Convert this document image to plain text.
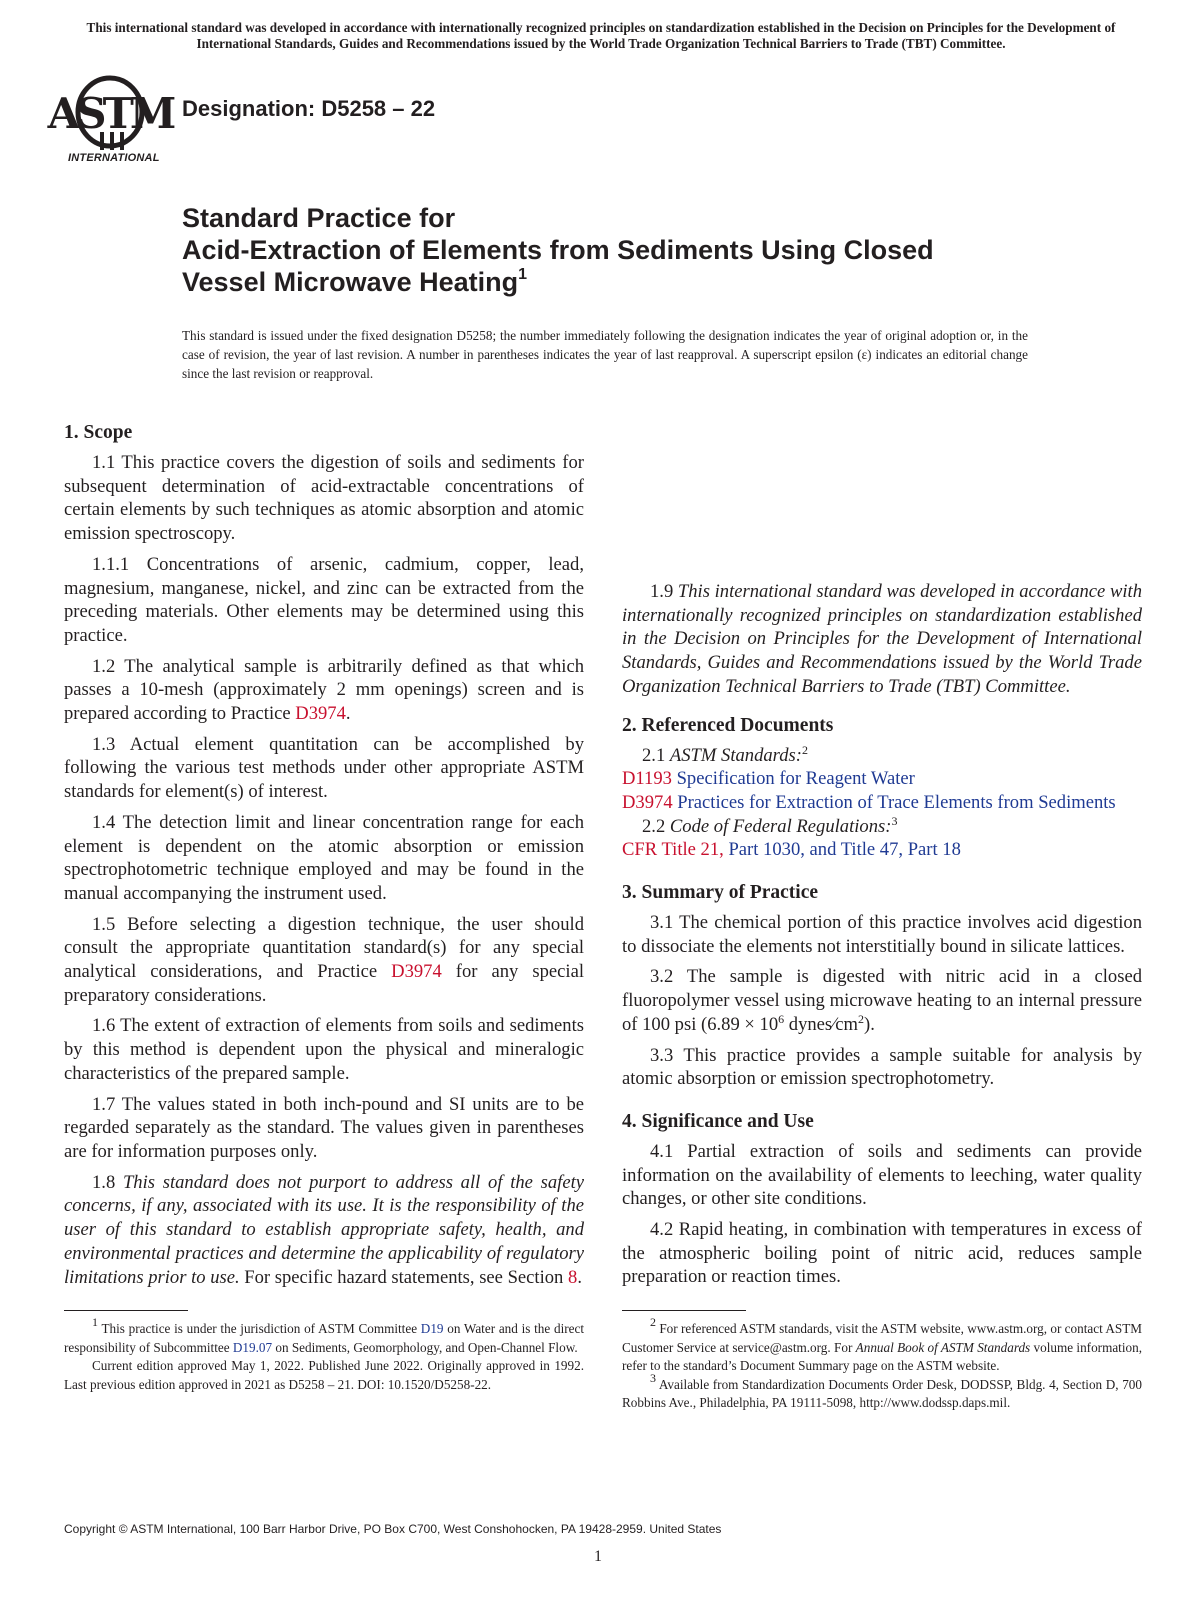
This international standard was developed in accordance with internationally recognized principles on standardization established in the Decision on Principles for the Development of International Standards, Guides and Recommendations issued by the World Trade Organization Technical Barriers to Trade (TBT) Committee.
ASTM
INTERNATIONAL
Designation: D5258 – 22
Standard Practice for
Acid-Extraction of Elements from Sediments Using Closed
Vessel Microwave Heating$^1$
This standard is issued under the fixed designation D5258; the number immediately following the designation indicates the year of original adoption or, in the case of revision, the year of last revision. A number in parentheses indicates the year of last reapproval. A superscript epsilon (ε) indicates an editorial change since the last revision or reapproval.
1. Scope

1.1 This practice covers the digestion of soils and sediments for subsequent determination of acid-extractable concentrations of certain elements by such techniques as atomic absorption and atomic emission spectroscopy.

1.1.1 Concentrations of arsenic, cadmium, copper, lead, magnesium, manganese, nickel, and zinc can be extracted from the preceding materials. Other elements may be determined using this practice.

1.2 The analytical sample is arbitrarily defined as that which passes a 10-mesh (approximately 2 mm openings) screen and is prepared according to Practice D3974.

1.3 Actual element quantitation can be accomplished by following the various test methods under other appropriate ASTM standards for element(s) of interest.

1.4 The detection limit and linear concentration range for each element is dependent on the atomic absorption or emission spectrophotometric technique employed and may be found in the manual accompanying the instrument used.

1.5 Before selecting a digestion technique, the user should consult the appropriate quantitation standard(s) for any special analytical considerations, and Practice D3974 for any special preparatory considerations.

1.6 The extent of extraction of elements from soils and sediments by this method is dependent upon the physical and mineralogic characteristics of the prepared sample.

1.7 The values stated in both inch-pound and SI units are to be regarded separately as the standard. The values given in parentheses are for information purposes only.

1.8 This standard does not purport to address all of the safety concerns, if any, associated with its use. It is the responsibility of the user of this standard to establish appropriate safety, health, and environmental practices and determine the applicability of regulatory limitations prior to use. For specific hazard statements, see Section 8.

1.9 This international standard was developed in accordance with internationally recognized principles on standardization established in the Decision on Principles for the Development of International Standards, Guides and Recommendations issued by the World Trade Organization Technical Barriers to Trade (TBT) Committee.

2. Referenced Documents
2.1 ASTM Standards:$^2$
D1193 Specification for Reagent Water
D3974 Practices for Extraction of Trace Elements from Sediments
2.2 Code of Federal Regulations:$^3$
CFR Title 21, Part 1030, and Title 47, Part 18
3. Summary of Practice

3.1 The chemical portion of this practice involves acid digestion to dissociate the elements not interstitially bound in silicate lattices.

3.2 The sample is digested with nitric acid in a closed fluoropolymer vessel using microwave heating to an internal pressure of 100 psi ($6.89 \times 10^6$ $dynes⁄cm^2$).

3.3 This practice provides a sample suitable for analysis by atomic absorption or emission spectrophotometry.

4. Significance and Use

4.1 Partial extraction of soils and sediments can provide information on the availability of elements to leeching, water quality changes, or other site conditions.

4.2 Rapid heating, in combination with temperatures in excess of the atmospheric boiling point of nitric acid, reduces sample preparation or reaction times.

$^1$ This practice is under the jurisdiction of ASTM Committee D19 on Water and is the direct responsibility of Subcommittee D19.07 on Sediments, Geomorphology, and Open-Channel Flow.

Current edition approved May 1, 2022. Published June 2022. Originally approved in 1992. Last previous edition approved in 2021 as D5258 – 21. DOI: 10.1520/D5258-22.

$^2$ For referenced ASTM standards, visit the ASTM website, www.astm.org, or contact ASTM Customer Service at service@astm.org. For Annual Book of ASTM Standards volume information, refer to the standard’s Document Summary page on the ASTM website.

$^3$ Available from Standardization Documents Order Desk, DODSSP, Bldg. 4, Section D, 700 Robbins Ave., Philadelphia, PA 19111-5098, http://www.dodssp.daps.mil.

Copyright © ASTM International, 100 Barr Harbor Drive, PO Box C700, West Conshohocken, PA 19428-2959. United States
1
